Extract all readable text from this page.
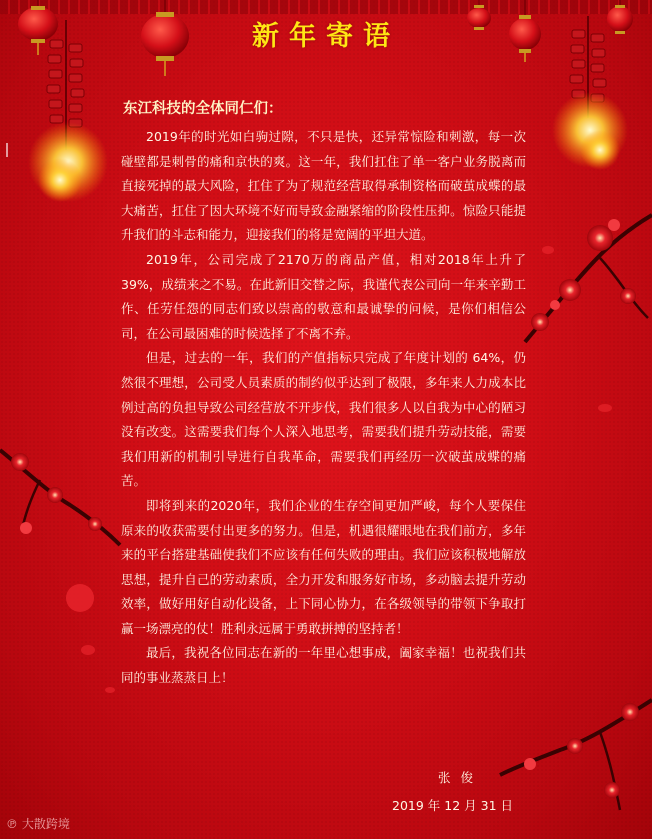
新年寄语
东江科技的全体同仁们：

2019年的时光如白驹过隙，不只是快，还异常惊险和刺激，每一次碰壁都是刺骨的痛和京快的爽。这一年，我们扛住了单一客户业务脱离而直接死掉的最大风险，扛住了为了规范经营取得承制资格而破茧成蝶的最大痛苦，扛住了因大环境不好而导致金融紧缩的阶段性压抑。惊险只能提升我们的斗志和能力，迎接我们的将是宽阔的平坦大道。

2019年，公司完成了2170万的商品产值，相对2018年上升了39%，成绩来之不易。在此新旧交替之际，我谨代表公司向一年来辛勤工作、任劳任怨的同志们致以崇高的敬意和最诚挚的问候，是你们相信公司，在公司最困难的时候选择了不离不弃。

但是，过去的一年，我们的产值指标只完成了年度计划的 64%，仍然很不理想，公司受人员素质的制约似乎达到了极限，多年来人力成本比例过高的负担导致公司经营放不开步伐，我们很多人以自我为中心的陋习没有改变。这需要我们每个人深入地思考，需要我们提升劳动技能，需要我们用新的机制引导进行自我革命，需要我们再经历一次破茧成蝶的痛苦。

即将到来的2020年，我们企业的生存空间更加严峻，每个人要保住原来的收获需要付出更多的努力。但是，机遇很耀眼地在我们前方，多年来的平台搭建基础使我们不应该有任何失败的理由。我们应该积极地解放思想，提升自己的劳动素质，全力开发和服务好市场，多动脑去提升劳动效率，做好用好自动化设备，上下同心协力，在各级领导的带领下争取打赢一场漂亮的仗！胜利永远属于勇敢拼搏的坚持者！

最后，我祝各位同志在新的一年里心想事成，阖家幸福！也祝我们共同的事业蒸蒸日上！

张 俊
2019 年 12 月 31 日
℗ 大散跨境
